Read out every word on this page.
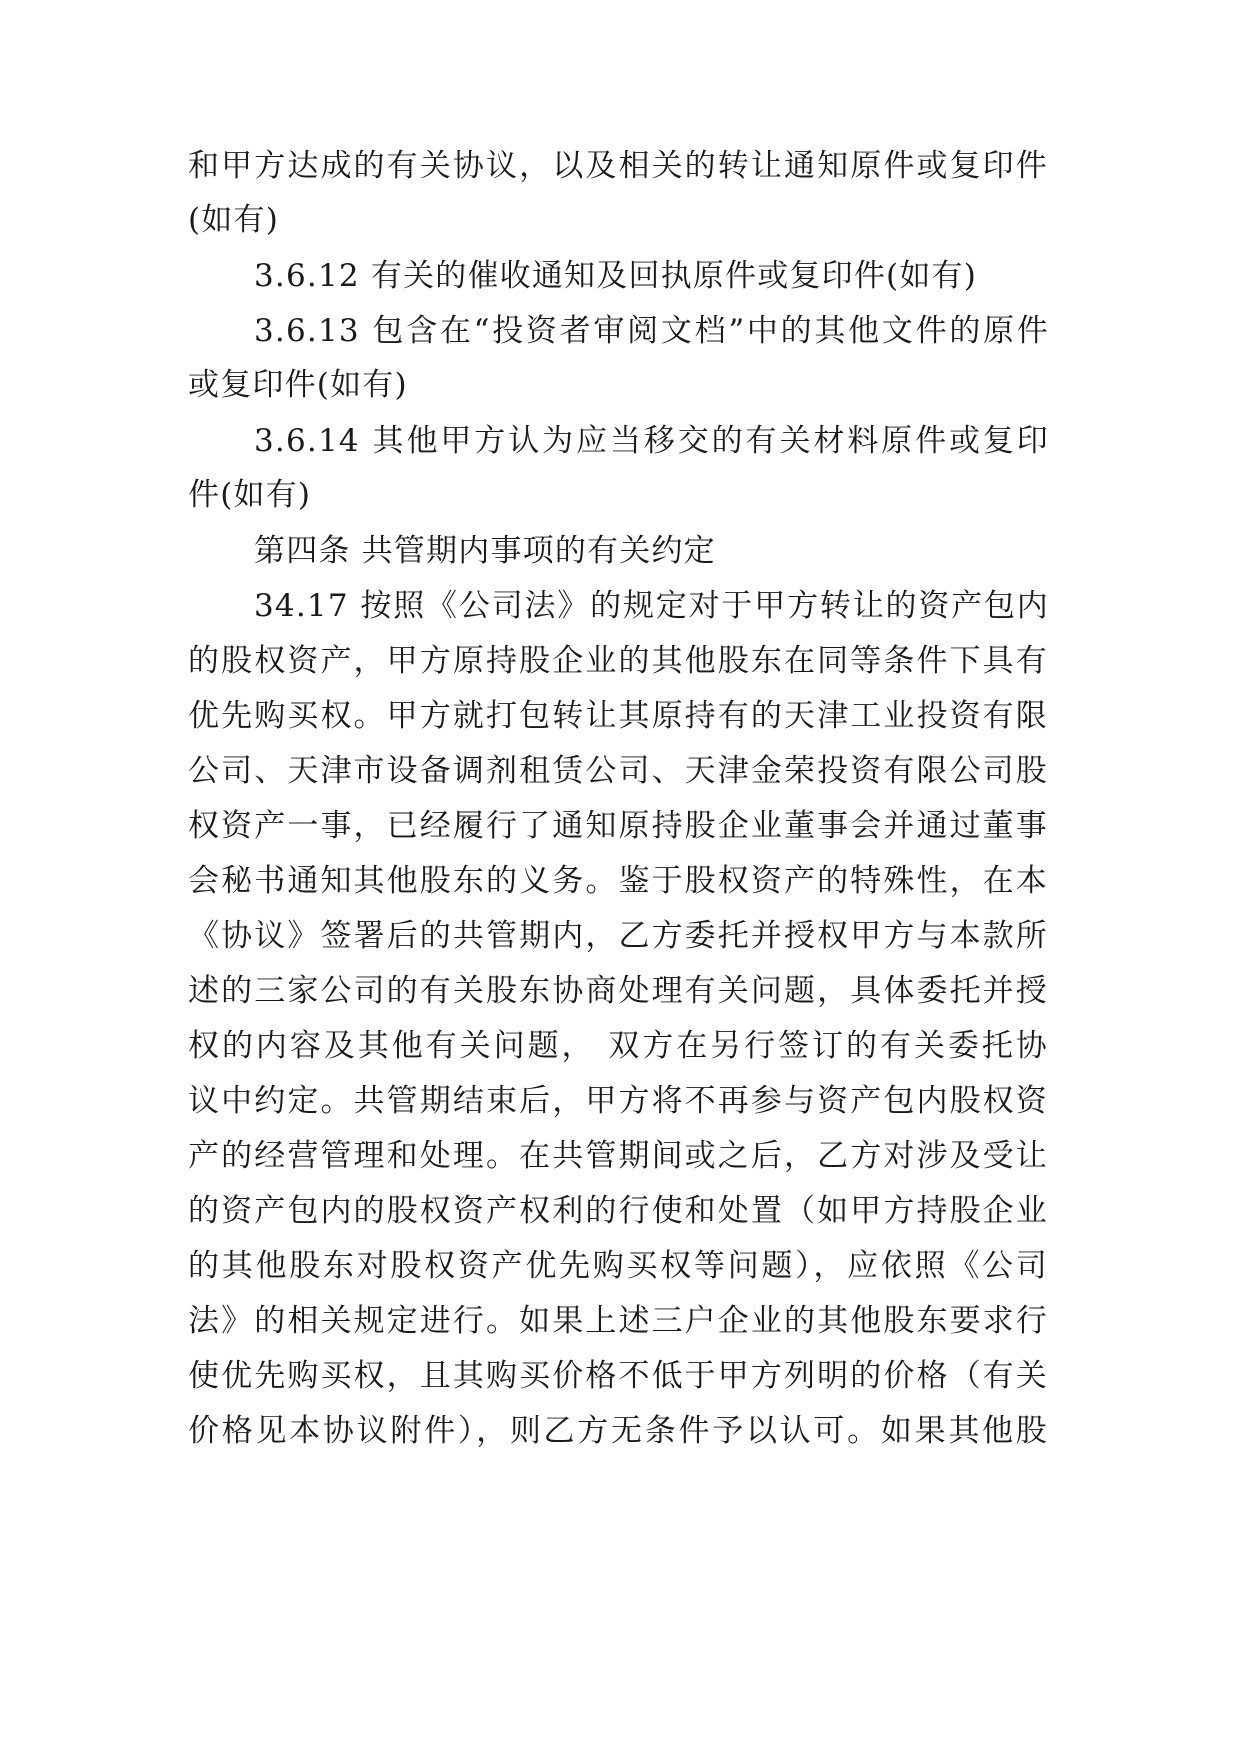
和甲方达成的有关协议，以及相关的转让通知原件或复印件
(如有)
3.6.12 有关的催收通知及回执原件或复印件(如有)
3.6.13 包含在“投资者审阅文档”中的其他文件的原件
或复印件(如有)
3.6.14 其他甲方认为应当移交的有关材料原件或复印
件(如有)
第四条 共管期内事项的有关约定
34.17 按照《公司法》的规定对于甲方转让的资产包内
的股权资产，甲方原持股企业的其他股东在同等条件下具有
优先购买权。甲方就打包转让其原持有的天津工业投资有限
公司、天津市设备调剂租赁公司、天津金荣投资有限公司股
权资产一事，已经履行了通知原持股企业董事会并通过董事
会秘书通知其他股东的义务。鉴于股权资产的特殊性，在本
《协议》签署后的共管期内，乙方委托并授权甲方与本款所
述的三家公司的有关股东协商处理有关问题，具体委托并授
权的内容及其他有关问题， 双方在另行签订的有关委托协
议中约定。共管期结束后，甲方将不再参与资产包内股权资
产的经营管理和处理。在共管期间或之后，乙方对涉及受让
的资产包内的股权资产权利的行使和处置（如甲方持股企业
的其他股东对股权资产优先购买权等问题），应依照《公司
法》的相关规定进行。如果上述三户企业的其他股东要求行
使优先购买权，且其购买价格不低于甲方列明的价格（有关
价格见本协议附件），则乙方无条件予以认可。如果其他股
